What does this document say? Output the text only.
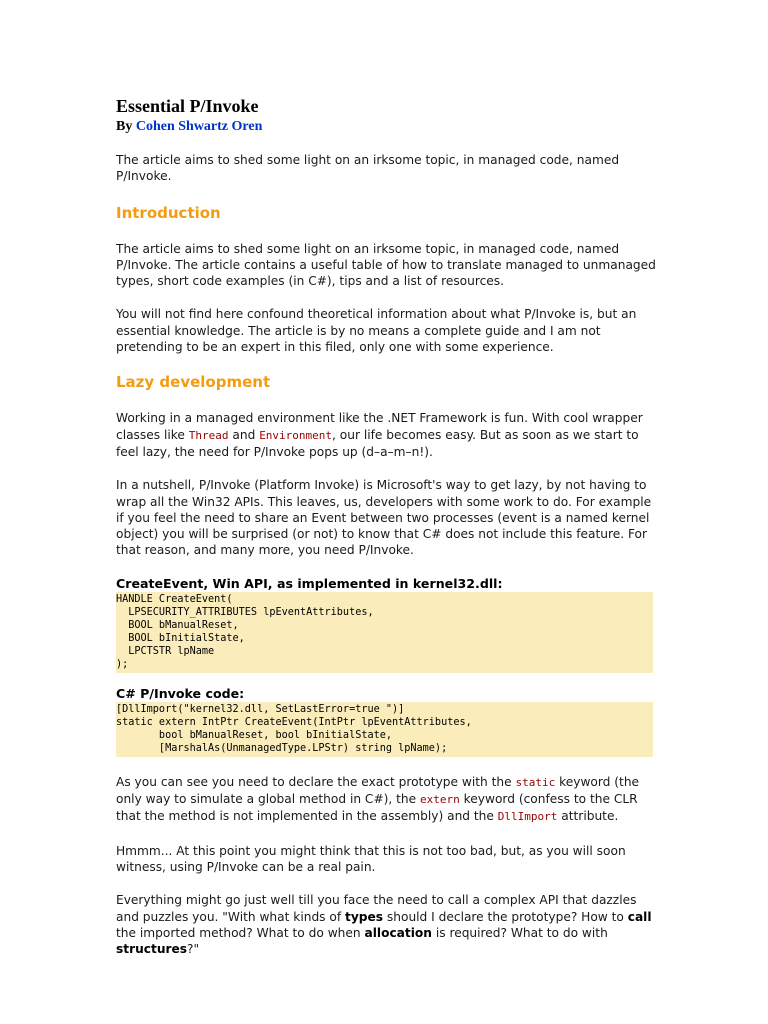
Essential P/Invoke
By Cohen Shwartz Oren

The article aims to shed some light on an irksome topic, in managed code, named P/Invoke.

Introduction

The article aims to shed some light on an irksome topic, in managed code, named P/Invoke. The article contains a useful table of how to translate managed to unmanaged types, short code examples (in C#), tips and a list of resources.

You will not find here confound theoretical information about what P/Invoke is, but an essential knowledge. The article is by no means a complete guide and I am not pretending to be an expert in this filed, only one with some experience.

Lazy development

Working in a managed environment like the .NET Framework is fun. With cool wrapper classes like Thread and Environment, our life becomes easy. But as soon as we start to feel lazy, the need for P/Invoke pops up (d–a–m–n!).

In a nutshell, P/Invoke (Platform Invoke) is Microsoft's way to get lazy, by not having to wrap all the Win32 APIs. This leaves, us, developers with some work to do. For example if you feel the need to share an Event between two processes (event is a named kernel object) you will be surprised (or not) to know that C# does not include this feature. For that reason, and many more, you need P/Invoke.

CreateEvent, Win API, as implemented in kernel32.dll:
HANDLE CreateEvent(
LPSECURITY_ATTRIBUTES lpEventAttributes,
BOOL bManualReset,
BOOL bInitialState,
LPCTSTR lpName
);
C# P/Invoke code:
[DllImport("kernel32.dll, SetLastError=true ")]
static extern IntPtr CreateEvent(IntPtr lpEventAttributes,
bool bManualReset, bool bInitialState,
[MarshalAs(UnmanagedType.LPStr) string lpName);

As you can see you need to declare the exact prototype with the static keyword (the only way to simulate a global method in C#), the extern keyword (confess to the CLR that the method is not implemented in the assembly) and the DllImport attribute.

Hmmm... At this point you might think that this is not too bad, but, as you will soon witness, using P/Invoke can be a real pain.

Everything might go just well till you face the need to call a complex API that dazzles and puzzles you. "With what kinds of types should I declare the prototype? How to call the imported method? What to do when allocation is required? What to do with structures?"
